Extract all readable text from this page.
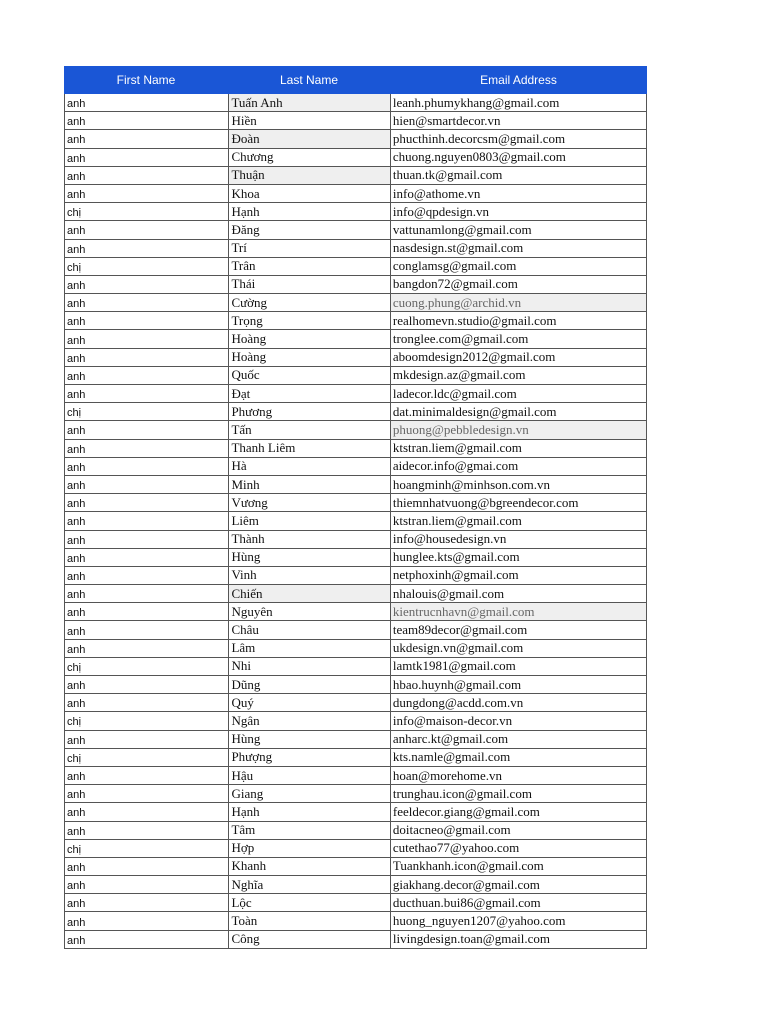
First Name	Last Name	Email Address
anh	Tuấn Anh	leanh.phumykhang@gmail.com
anh	Hiền	hien@smartdecor.vn
anh	Đoàn	phucthinh.decorcsm@gmail.com
anh	Chương	chuong.nguyen0803@gmail.com
anh	Thuận	thuan.tk@gmail.com
anh	Khoa	info@athome.vn
chị	Hạnh	info@qpdesign.vn
anh	Đăng	vattunamlong@gmail.com
anh	Trí	nasdesign.st@gmail.com
chị	Trân	conglamsg@gmail.com
anh	Thái	bangdon72@gmail.com
anh	Cường	cuong.phung@archid.vn
anh	Trọng	realhomevn.studio@gmail.com
anh	Hoàng	tronglee.com@gmail.com
anh	Hoàng	aboomdesign2012@gmail.com
anh	Quốc	mkdesign.az@gmail.com
anh	Đạt	ladecor.ldc@gmail.com
chị	Phương	dat.minimaldesign@gmail.com
anh	Tấn	phuong@pebbledesign.vn
anh	Thanh Liêm	ktstran.liem@gmail.com
anh	Hà	aidecor.info@gmai.com
anh	Minh	hoangminh@minhson.com.vn
anh	Vương	thiemnhatvuong@bgreendecor.com
anh	Liêm	ktstran.liem@gmail.com
anh	Thành	info@housedesign.vn
anh	Hùng	hunglee.kts@gmail.com
anh	Vinh	netphoxinh@gmail.com
anh	Chiến	nhalouis@gmail.com
anh	Nguyên	kientrucnhavn@gmail.com
anh	Châu	team89decor@gmail.com
anh	Lâm	ukdesign.vn@gmail.com
chị	Nhi	lamtk1981@gmail.com
anh	Dũng	hbao.huynh@gmail.com
anh	Quý	dungdong@acdd.com.vn
chị	Ngân	info@maison-decor.vn
anh	Hùng	anharc.kt@gmail.com
chị	Phượng	kts.namle@gmail.com
anh	Hậu	hoan@morehome.vn
anh	Giang	trunghau.icon@gmail.com
anh	Hạnh	feeldecor.giang@gmail.com
anh	Tâm	doitacneo@gmail.com
chị	Hợp	cutethao77@yahoo.com
anh	Khanh	Tuankhanh.icon@gmail.com
anh	Nghĩa	giakhang.decor@gmail.com
anh	Lộc	ducthuan.bui86@gmail.com
anh	Toàn	huong_nguyen1207@yahoo.com
anh	Công	livingdesign.toan@gmail.com
